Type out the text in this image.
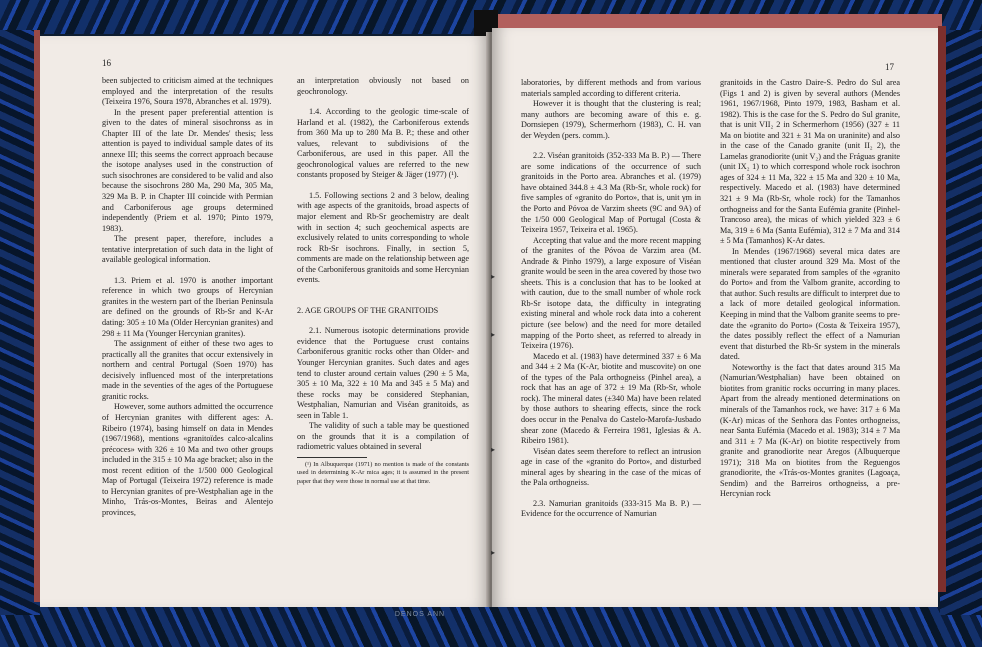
DENOS ANN
16

been subjected to criticism aimed at the techniques employed and the interpretation of the results (Teixeira 1976, Soura 1978, Abranches et al. 1979).

In the present paper preferential attention is given to the dates of mineral sisochronss as in Chapter III of the late Dr. Mendes' thesis; less attention is payed to individual sample dates of its annexe III; this seems the correct approach because the isotope analyses used in the construction of such sisochrones are considered to be valid and also because the sisochrons 280 Ma, 290 Ma, 305 Ma, 329 Ma B. P. in Chapter III coincide with Permian and Carboniferous age groups determined independently (Priem et al. 1970; Pinto 1979, 1983).

The present paper, therefore, includes a tentative interpretation of such data in the light of available geological information.

1.3. Priem et al. 1970 is another important reference in which two groups of Hercynian granites in the western part of the Iberian Peninsula are defined on the grounds of Rb-Sr and K-Ar dating: 305 ± 10 Ma (Older Hercynian granites) and 298 ± 11 Ma (Younger Hercynian granites).

The assignment of either of these two ages to practically all the granites that occur extensively in northern and central Portugal (Soen 1970) has decisively influenced most of the interpretations made in the seventies of the ages of the Portuguese granitic rocks.

However, some authors admitted the occurrence of Hercynian granites with different ages: A. Ribeiro (1974), basing himself on data in Mendes (1967/1968), mentions «granitoïdes calco-alcalins précoces» with 326 ± 10 Ma and two other groups included in the 315 ± 10 Ma age bracket; also in the most recent edition of the 1/500 000 Geological Map of Portugal (Teixeira 1972) reference is made to Hercynian granites of pre-Westphalian age in the Minho, Trás-os-Montes, Beiras and Alentejo provinces,

an interpretation obviously not based on geochronology.

1.4. According to the geologic time-scale of Harland et al. (1982), the Carboniferous extends from 360 Ma up to 280 Ma B. P.; these and other values, relevant to subdivisions of the Carboniferous, are used in this paper. All the geochronological values are referred to the new constants proposed by Steiger & Jäger (1977) (¹).

1.5. Following sections 2 and 3 below, dealing with age aspects of the granitoids, broad aspects of major element and Rb-Sr geochemistry are dealt with in section 4; such geochemical aspects are exclusively related to units corresponding to whole rock Rb-Sr isochrons. Finally, in section 5, comments are made on the relationship between age of the Carboniferous granitoids and some Hercynian events.

2. AGE GROUPS OF THE GRANITOIDS

2.1. Numerous isotopic determinations provide evidence that the Portuguese crust contains Carboniferous granitic rocks other than Older- and Younger Hercynian granites. Such dates and ages tend to cluster around certain values (290 ± 5 Ma, 305 ± 10 Ma, 322 ± 10 Ma and 345 ± 5 Ma) and these rocks may be considered Stephanian, Westphalian, Namurian and Viséan granitoids, as seen in Table 1.

The validity of such a table may be questioned on the grounds that it is a compilation of radiometric values obtained in several

(¹) In Albuquerque (1971) no mention is made of the constants used in determining K-Ar mica ages; it is assumed in the present paper that they were those in normal use at that time.

17

laboratories, by different methods and from various materials sampled according to different criteria.

However it is thought that the clustering is real; many authors are becoming aware of this e. g. Dornsiepen (1979), Schermerhorn (1983), C. H. van der Weyden (pers. comm.).

2.2. Viséan granitoids (352-333 Ma B. P.) — There are some indications of the occurrence of such granitoids in the Porto area. Abranches et al. (1979) have obtained 344.8 ± 4.3 Ma (Rb-Sr, whole rock) for five samples of «granito do Porto», that is, unit γm in the Porto and Póvoa de Varzim sheets (9C and 9A) of the 1/50 000 Geological Map of Portugal (Costa & Teixeira 1957, Teixeira et al. 1965).

Accepting that value and the more recent mapping of the granites of the Póvoa de Varzim area (M. Andrade & Pinho 1979), a large exposure of Viséan granite would be seen in the area covered by those two sheets. This is a conclusion that has to be looked at with caution, due to the small number of whole rock Rb-Sr isotope data, the difficulty in integrating existing mineral and whole rock data into a coherent picture (see below) and the need for more detailed mapping of the Porto sheet, as referred to already in Teixeira (1976).

Macedo et al. (1983) have determined 337 ± 6 Ma and 344 ± 2 Ma (K-Ar, biotite and muscovite) on one of the types of the Pala orthogneiss (Pinhel area), a rock that has an age of 372 ± 19 Ma (Rb-Sr, whole rock). The mineral dates (±340 Ma) have been related by those authors to shearing effects, since the rock does occur in the Penalva do Castelo-Marofa-Jusbado shear zone (Macedo & Ferreira 1981, Iglesias & A. Ribeiro 1981).

Viséan dates seem therefore to reflect an intrusion age in case of the «granito do Porto», and disturbed mineral ages by shearing in the case of the micas of the Pala orthogneiss.

2.3. Namurian granitoids (333-315 Ma B. P.) — Evidence for the occurrence of Namurian

granitoids in the Castro Daire-S. Pedro do Sul area (Figs 1 and 2) is given by several authors (Mendes 1961, 1967/1968, Pinto 1979, 1983, Basham et al. 1982). This is the case for the S. Pedro do Sul granite, that is unit VII₂ 2 in Schermerhorn (1956) (327 ± 11 Ma on biotite and 321 ± 31 Ma on uraninite) and also in the case of the Canado granite (unit II₂ 2), the Lamelas granodiorite (unit V₂) and the Fráguas granite (unit IX₂ 1) to which correspond whole rock isochron ages of 324 ± 11 Ma, 322 ± 15 Ma and 320 ± 10 Ma, respectively. Macedo et al. (1983) have determined 321 ± 9 Ma (Rb-Sr, whole rock) for the Tamanhos orthogneiss and for the Santa Eufémia granite (Pinhel-Trancoso area), the micas of which yielded 323 ± 6 Ma, 319 ± 6 Ma (Santa Eufémia), 312 ± 7 Ma and 314 ± 5 Ma (Tamanhos) K-Ar dates.

In Mendes (1967/1968) several mica dates are mentioned that cluster around 329 Ma. Most of the minerals were separated from samples of the «granito do Porto» and from the Valbom granite, according to that author. Such results are difficult to interpret due to a lack of more detailed geological information. Keeping in mind that the Valbom granite seems to pre-date the «granito do Porto» (Costa & Teixeira 1957), the dates possibly reflect the effect of a Namurian event that disturbed the Rb-Sr system in the minerals dated.

Noteworthy is the fact that dates around 315 Ma (Namurian/Westphalian) have been obtained on biotites from granitic rocks occurring in many places. Apart from the already mentioned determinations on minerals of the Tamanhos rock, we have: 317 ± 6 Ma (K-Ar) micas of the Senhora das Fontes orthogneiss, near Santa Eufémia (Macedo et al. 1983); 314 ± 7 Ma and 311 ± 7 Ma (K-Ar) on biotite respectively from granite and granodiorite near Aregos (Albuquerque 1971); 318 Ma on biotites from the Reguengos granodiorite, the «Trás-os-Montes granites (Lagoaça, Sendim) and the Barreiros orthogneiss, a pre-Hercynian rock

▸
▸
▸
▸
